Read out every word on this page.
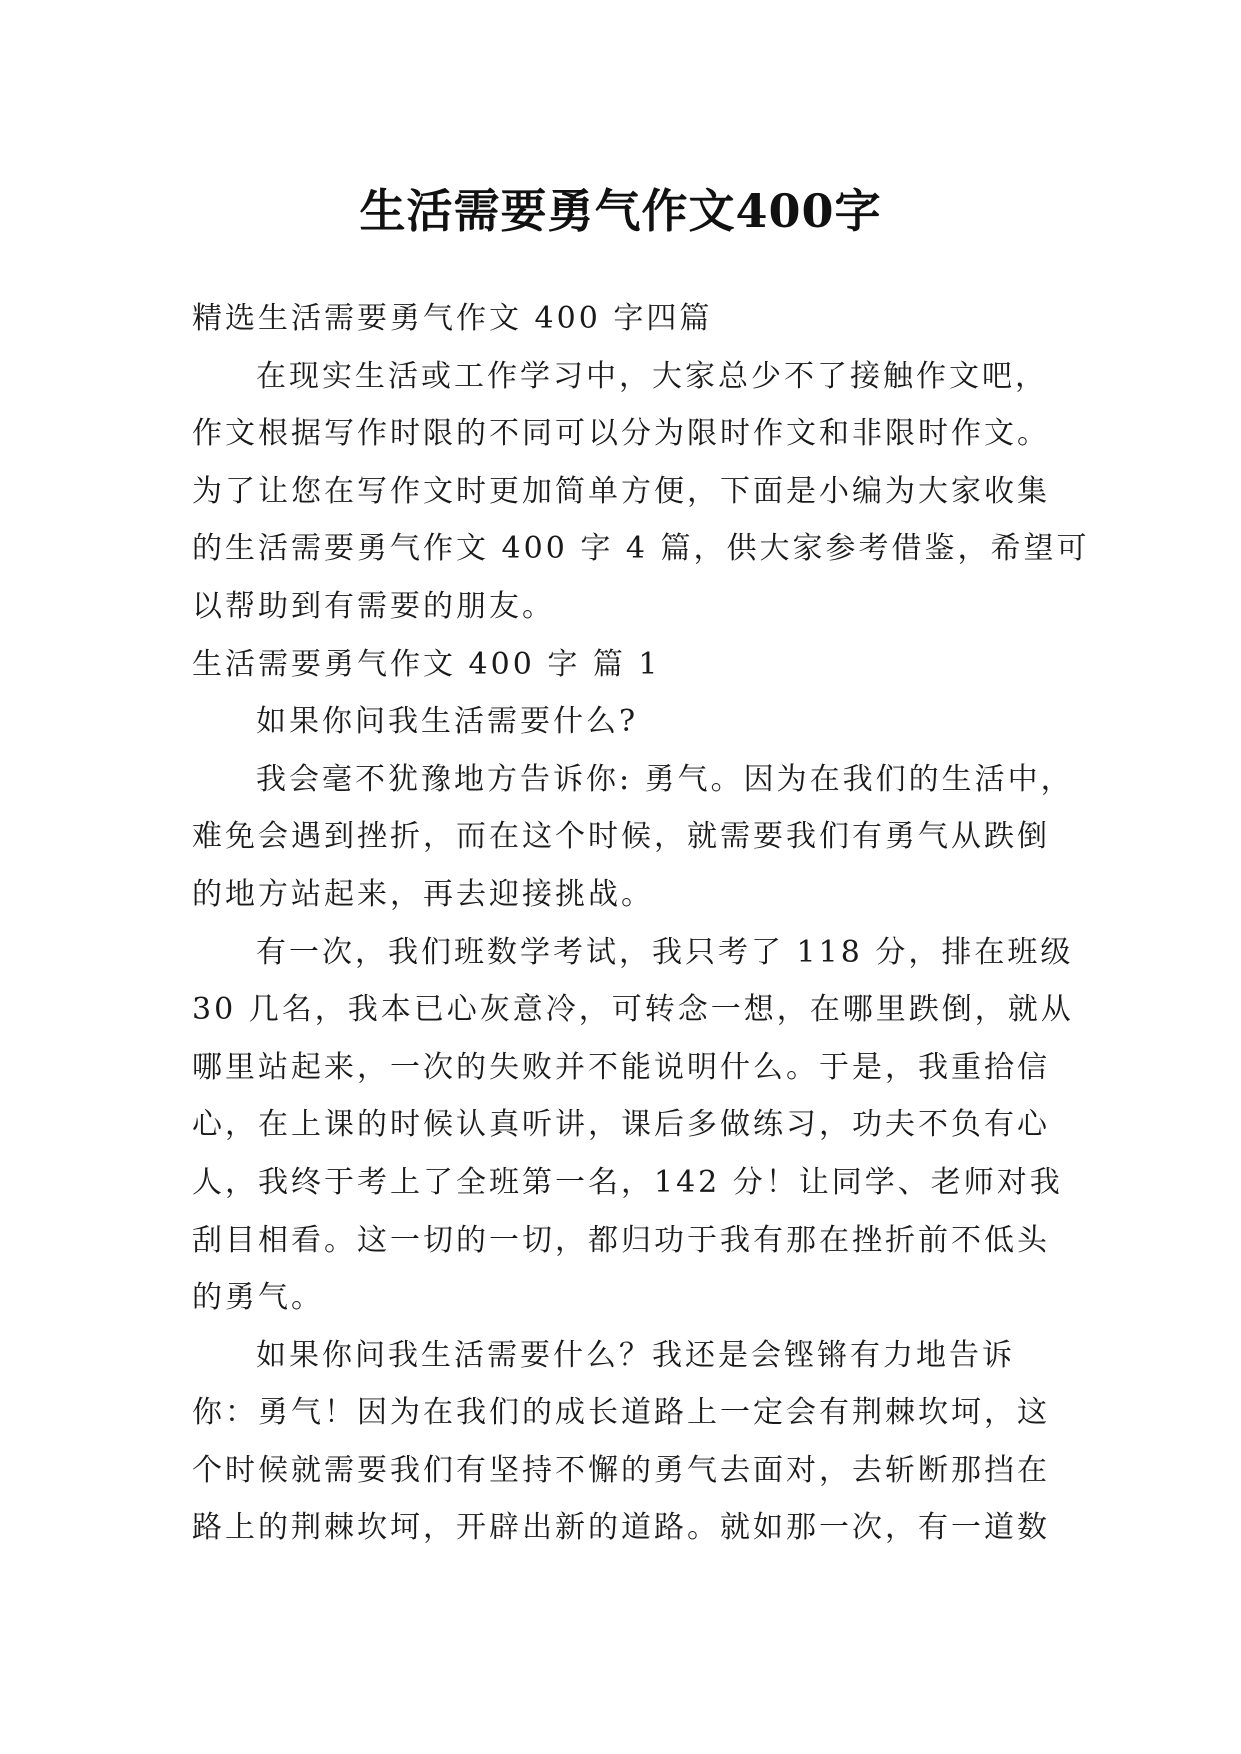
生活需要勇气作文400字
精选生活需要勇气作文 400 字四篇
在现实生活或工作学习中，大家总少不了接触作文吧，
作文根据写作时限的不同可以分为限时作文和非限时作文。
为了让您在写作文时更加简单方便，下面是小编为大家收集
的生活需要勇气作文 400 字 4 篇，供大家参考借鉴，希望可
以帮助到有需要的朋友。
生活需要勇气作文 400 字 篇 1
如果你问我生活需要什么?
我会毫不犹豫地方告诉你: 勇气。因为在我们的生活中，
难免会遇到挫折，而在这个时候，就需要我们有勇气从跌倒
的地方站起来，再去迎接挑战。
有一次，我们班数学考试，我只考了 118 分，排在班级
30 几名，我本已心灰意冷，可转念一想，在哪里跌倒，就从
哪里站起来，一次的失败并不能说明什么。于是，我重拾信
心，在上课的时候认真听讲，课后多做练习，功夫不负有心
人，我终于考上了全班第一名，142 分！让同学、老师对我
刮目相看。这一切的一切，都归功于我有那在挫折前不低头
的勇气。
如果你问我生活需要什么？我还是会铿锵有力地告诉
你：勇气！因为在我们的成长道路上一定会有荆棘坎坷，这
个时候就需要我们有坚持不懈的勇气去面对，去斩断那挡在
路上的荆棘坎坷，开辟出新的道路。就如那一次，有一道数
